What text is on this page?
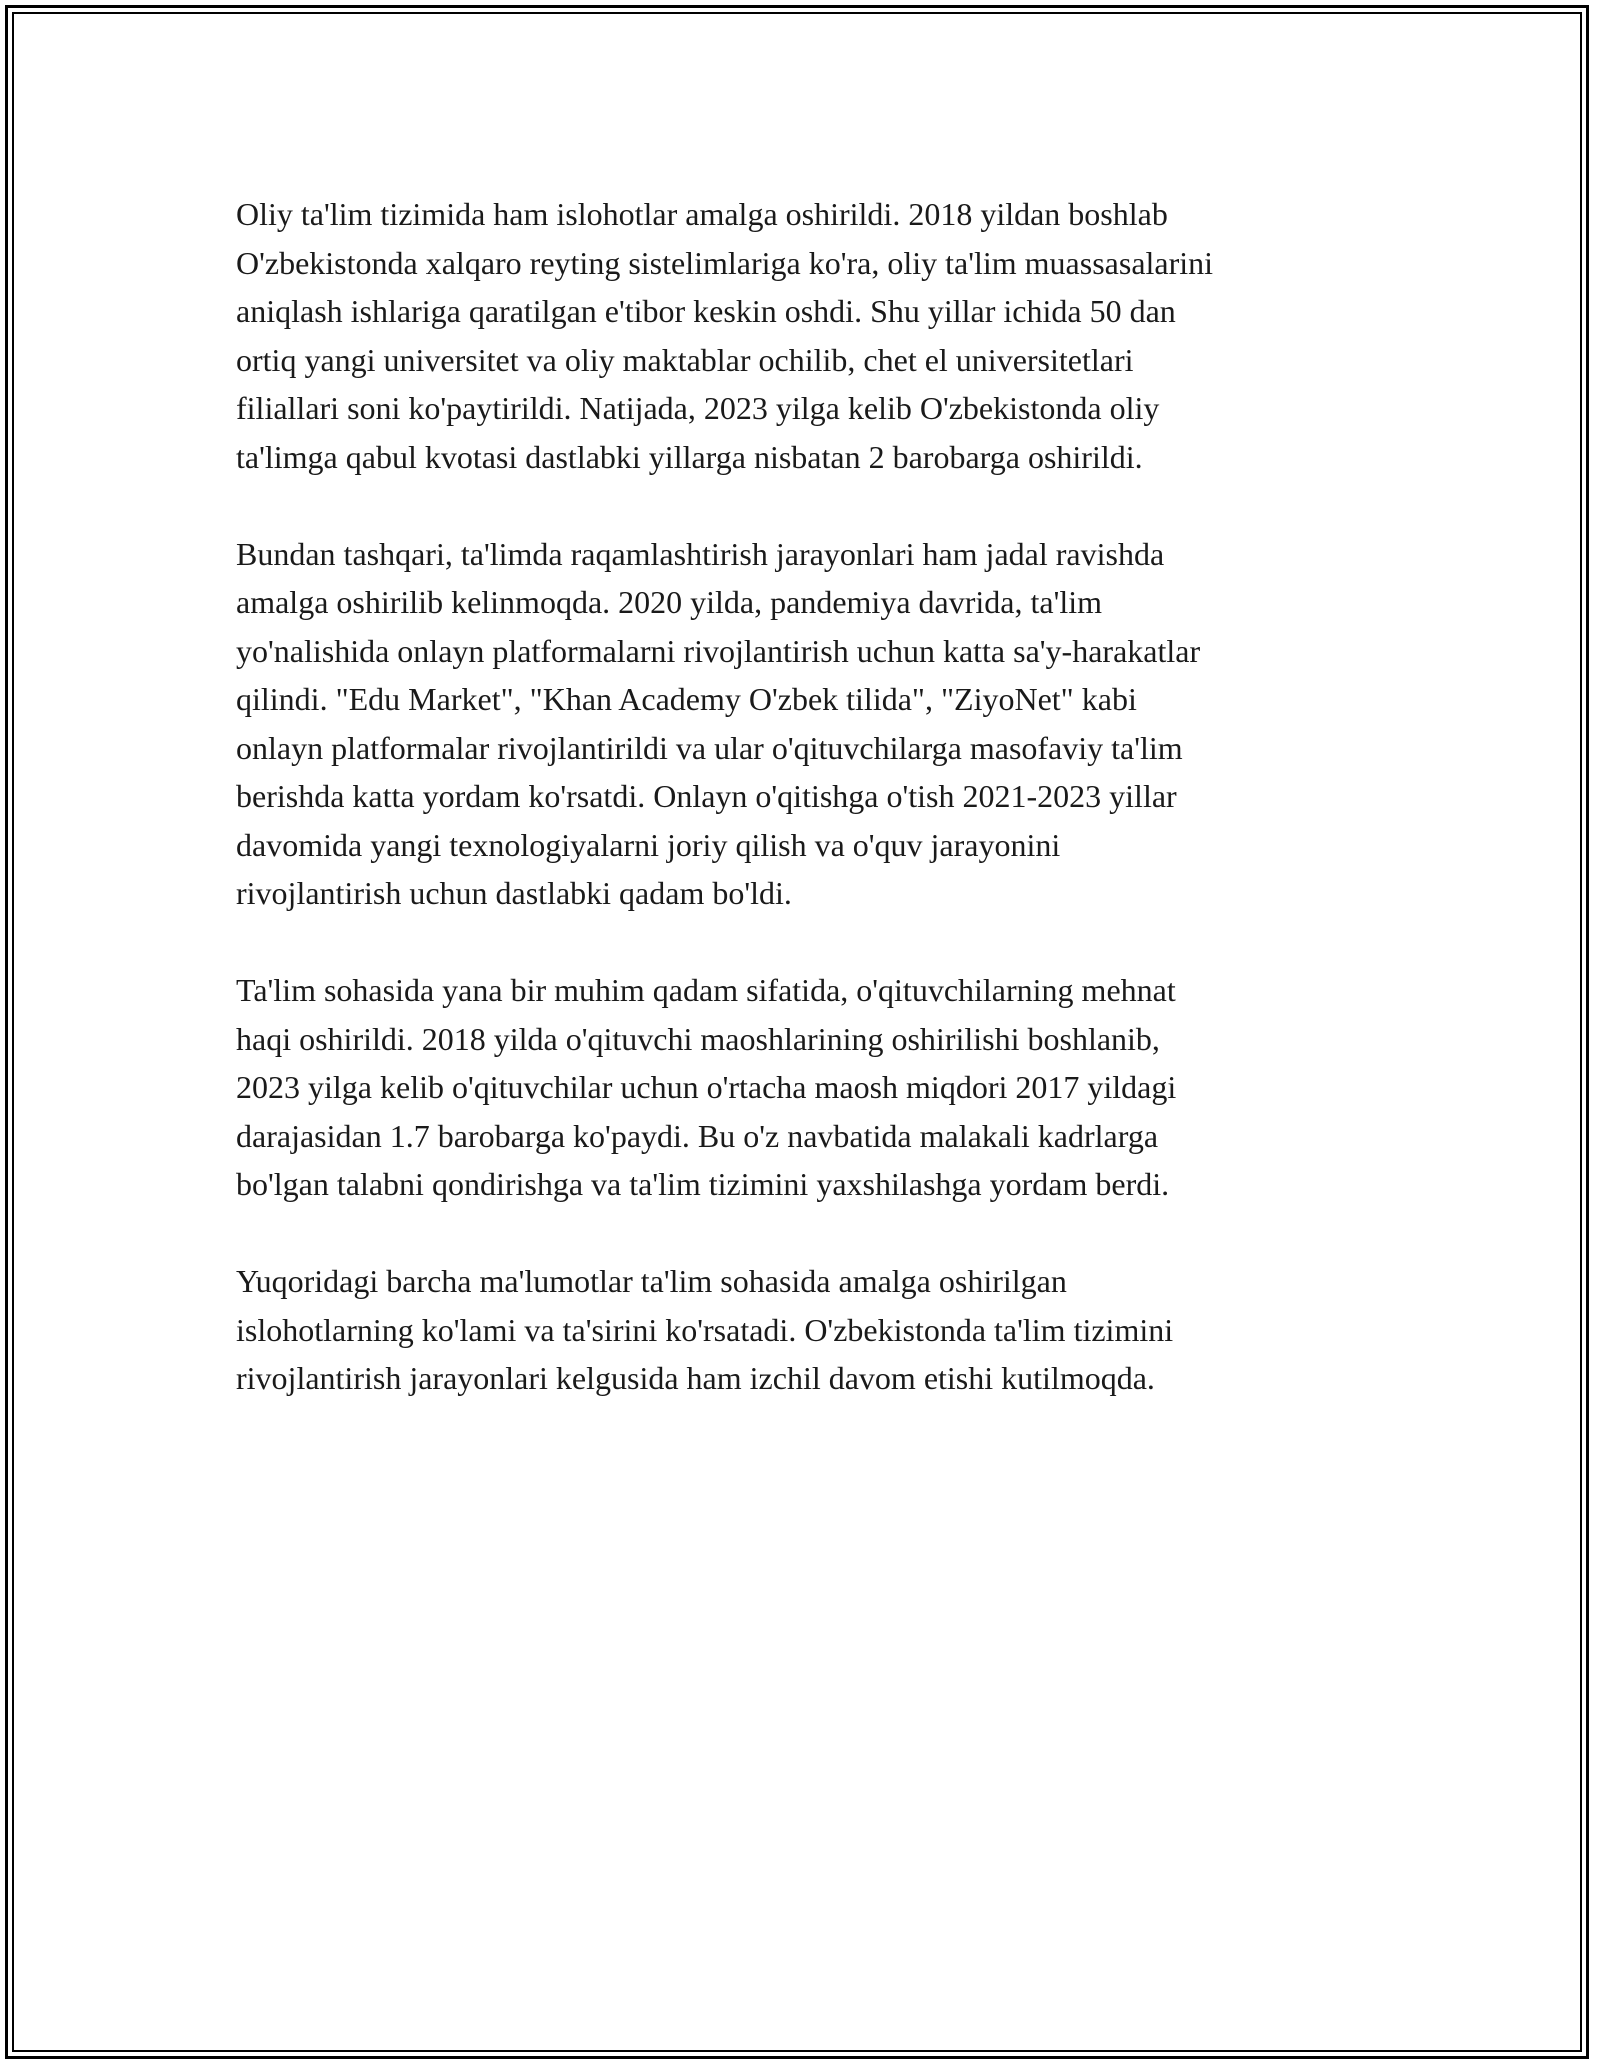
Oliy ta'lim tizimida ham islohotlar amalga oshirildi. 2018 yildan boshlab
O'zbekistonda xalqaro reyting sistelimlariga ko'ra, oliy ta'lim muassasalarini
aniqlash ishlariga qaratilgan e'tibor keskin oshdi. Shu yillar ichida 50 dan
ortiq yangi universitet va oliy maktablar ochilib, chet el universitetlari
filiallari soni ko'paytirildi. Natijada, 2023 yilga kelib O'zbekistonda oliy
ta'limga qabul kvotasi dastlabki yillarga nisbatan 2 barobarga oshirildi.

Bundan tashqari, ta'limda raqamlashtirish jarayonlari ham jadal ravishda
amalga oshirilib kelinmoqda. 2020 yilda, pandemiya davrida, ta'lim
yo'nalishida onlayn platformalarni rivojlantirish uchun katta sa'y-harakatlar
qilindi. "Edu Market", "Khan Academy O'zbek tilida", "ZiyoNet" kabi
onlayn platformalar rivojlantirildi va ular o'qituvchilarga masofaviy ta'lim
berishda katta yordam ko'rsatdi. Onlayn o'qitishga o'tish 2021-2023 yillar
davomida yangi texnologiyalarni joriy qilish va o'quv jarayonini
rivojlantirish uchun dastlabki qadam bo'ldi.

Ta'lim sohasida yana bir muhim qadam sifatida, o'qituvchilarning mehnat
haqi oshirildi. 2018 yilda o'qituvchi maoshlarining oshirilishi boshlanib,
2023 yilga kelib o'qituvchilar uchun o'rtacha maosh miqdori 2017 yildagi
darajasidan 1.7 barobarga ko'paydi. Bu o'z navbatida malakali kadrlarga
bo'lgan talabni qondirishga va ta'lim tizimini yaxshilashga yordam berdi.

Yuqoridagi barcha ma'lumotlar ta'lim sohasida amalga oshirilgan
islohotlarning ko'lami va ta'sirini ko'rsatadi. O'zbekistonda ta'lim tizimini
rivojlantirish jarayonlari kelgusida ham izchil davom etishi kutilmoqda.
